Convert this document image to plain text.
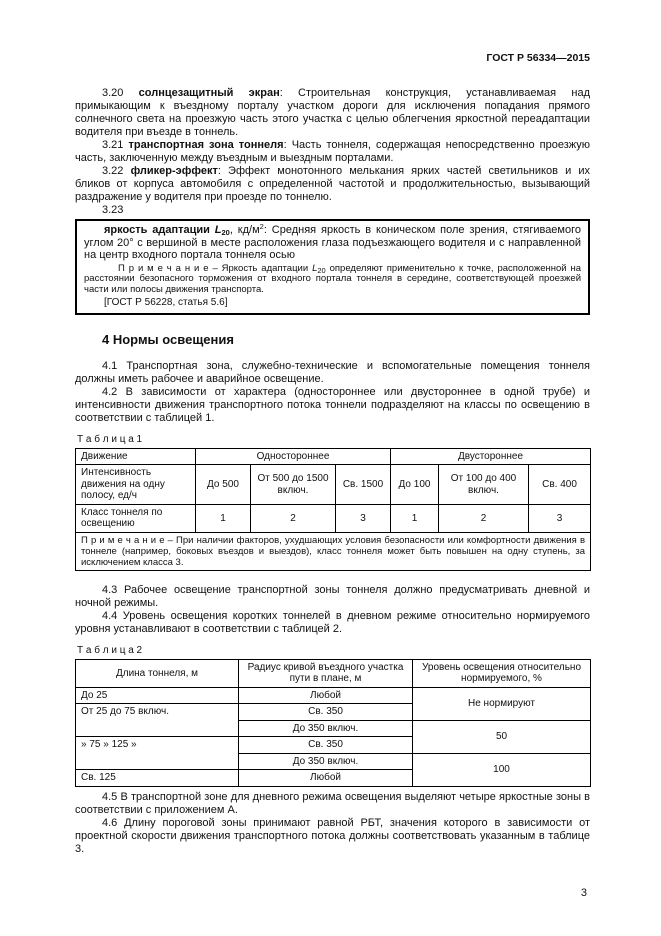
ГОСТ Р 56334—2015

3.20 солнцезащитный экран: Строительная конструкция, устанавливаемая над примыкающим к въездному порталу участком дороги для исключения попадания прямого солнечного света на проезжую часть этого участка с целью облегчения яркостной переадаптации водителя при въезде в тоннель.

3.21 транспортная зона тоннеля: Часть тоннеля, содержащая непосредственно проезжую часть, заключенную между въездным и выездным порталами.

3.22 фликер-эффект: Эффект монотонного мелькания ярких частей светильников и их бликов от корпуса автомобиля с определенной частотой и продолжительностью, вызывающий раздражение у водителя при проезде по тоннелю.

3.23

яркость адаптации $L_{20}$, $кд/м^2$: Средняя яркость в коническом поле зрения, стягиваемого углом 20° с вершиной в месте расположения глаза подъезжающего водителя и с направленной на центр входного портала тоннеля осью

П р и м е ч а н и е – Яркость адаптации $L_{20}$ определяют применительно к точке, расположенной на расстоянии безопасного торможения от входного портала тоннеля в середине, соответствующей проезжей части или полосы движения транспорта.

[ГОСТ Р 56228, статья 5.6]

4 Нормы освещения

4.1 Транспортная зона, служебно-технические и вспомогательные помещения тоннеля должны иметь рабочее и аварийное освещение.

4.2 В зависимости от характера (одностороннее или двустороннее в одной трубе) и интенсивности движения транспортного потока тоннели подразделяют на классы по освещению в соответствии с таблицей 1.

Т а б л и ц а 1
Движение	Одностороннее			Двустороннее		
Интенсивность движения на одну полосу, ед/ч	До 500	От 500 до 1500 включ.	Св. 1500	До 100	От 100 до 400 включ.	Св. 400
Класс тоннеля по освещению	1	2	3	1	2	3
П р и м е ч а н и е – При наличии факторов, ухудшающих условия безопасности или комфортности движения в тоннеле (например, боковых въездов и выездов), класс тоннеля может быть повышен на одну ступень, за исключением класса 3.						

4.3 Рабочее освещение транспортной зоны тоннеля должно предусматривать дневной и ночной режимы.

4.4 Уровень освещения коротких тоннелей в дневном режиме относительно нормируемого уровня устанавливают в соответствии с таблицей 2.

Т а б л и ц а 2
Длина тоннеля, м	Радиус кривой въездного участка пути в плане, м	Уровень освещения относительно нормируемого, %
До 25	Любой	Не нормируют
От 25 до 75 включ.	Св. 350	
	До 350 включ.	50
» 75 » 125 »	Св. 350	
	До 350 включ.	100
Св. 125	Любой	

4.5 В транспортной зоне для дневного режима освещения выделяют четыре яркостные зоны в соответствии с приложением А.

4.6 Длину пороговой зоны принимают равной РБТ, значения которого в зависимости от проектной скорости движения транспортного потока должны соответствовать указанным в таблице 3.

3
